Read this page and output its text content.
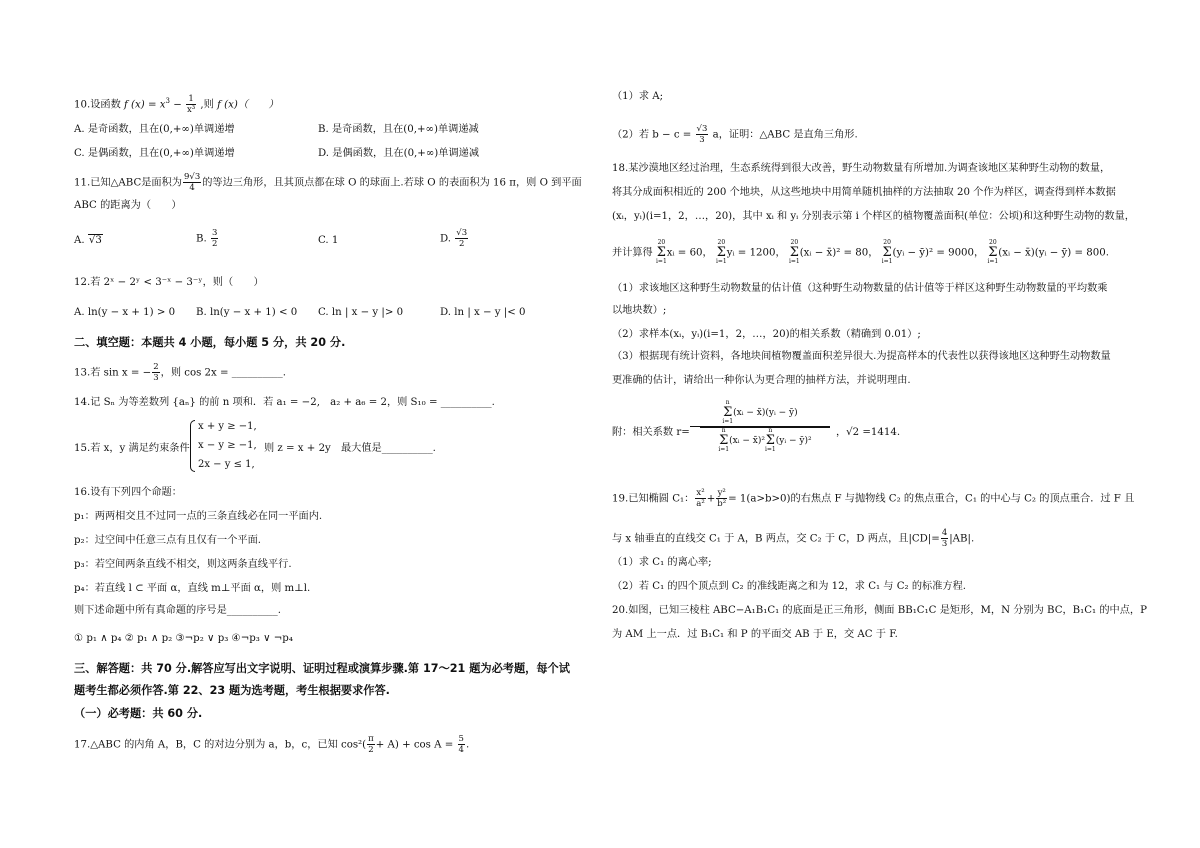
10.设函数 f $(x) = x^3 - \frac{1}{\text{x³}}$ ,则 f (x)（　　）
A. 是奇函数，且在(0,+∞)单调递增	B. 是奇函数，且在(0,+∞)单调递减
C. 是偶函数，且在(0,+∞)单调递增	D. 是偶函数，且在(0,+∞)单调递减
11.已知△ABC是面积为 $\frac{9√3}{4}$ 的等边三角形，且其顶点都在球 O 的球面上.若球 O 的表面积为 16 π，则 O 到平面
ABC 的距离为（　　）
A. √3	B. $\frac{3}{2}$	C. 1	D. $\frac{√3}{2}$
12.若 2ˣ − 2ʸ < 3⁻ˣ − 3⁻ʸ，则（　　）
A. ln(y − x + 1) > 0 B. ln(y − x + 1) < 0 C. ln | x − y |> 0	D. ln | x − y |< 0
二、填空题：本题共 4 小题，每小题 5 分，共 20 分.
13.若 sin x = − $\frac{2}{3}$ ，则 cos 2x = __________.
14.记 Sₙ 为等差数列 {aₙ} 的前 n 项和．若 a₁ = −2,　a₂ + a₆ = 2，则 S₁₀ = __________.
15.若 x，y 满足约束条件
x + y ≥ −1,
x − y ≥ −1,
2x − y ≤ 1,
则 z = x + 2y　最大值是__________.
16.设有下列四个命题：
p₁：两两相交且不过同一点的三条直线必在同一平面内.
p₂：过空间中任意三点有且仅有一个平面.
p₃：若空间两条直线不相交，则这两条直线平行.
p₄：若直线 l ⊂ 平面 α，直线 m⊥平面 α，则 m⊥l.
则下述命题中所有真命题的序号是__________.
① p₁ ∧ p₄ ② p₁ ∧ p₂ ③¬p₂ ∨ p₃ ④¬p₃ ∨ ¬p₄
三、解答题：共 70 分.解答应写出文字说明、证明过程或演算步骤.第 17～21 题为必考题，每个试
题考生都必须作答.第 22、23 题为选考题，考生根据要求作答.
（一）必考题：共 60 分.
17.△ABC 的内角 A，B，C 的对边分别为 a，b，c，已知 $\cos^2( \frac{\pi}{2} + A) + \cos A = \frac{5}{4}$ .
（1）求 A;
（2）若 $b - c = \frac{√3}{3}$ a，证明：△ABC 是直角三角形.
18.某沙漠地区经过治理，生态系统得到很大改善，野生动物数量有所增加.为调查该地区某种野生动物的数量，
将其分成面积相近的 200 个地块，从这些地块中用简单随机抽样的方法抽取 20 个作为样区，调查得到样本数据
(xᵢ，yᵢ)(i=1，2，…，20)，其中 xᵢ 和 yᵢ 分别表示第 i 个样区的植物覆盖面积(单位：公顷)和这种野生动物的数量，
并计算得 20
Σ
i=1xᵢ = 60， 20
Σ
i=1yᵢ = 1200， 20
Σ
i=1(xᵢ − x̄)² = 80， 20
Σ
i=1(yᵢ − ȳ)² = 9000， 20
Σ
i=1(xᵢ − x̄)(yᵢ − ȳ) = 800.
（1）求该地区这种野生动物数量的估计值（这种野生动物数量的估计值等于样区这种野生动物数量的平均数乘
以地块数）;
（2）求样本(xᵢ，yᵢ)(i=1，2，…，20)的相关系数（精确到 0.01）;
（3）根据现有统计资料，各地块间植物覆盖面积差异很大.为提高样本的代表性以获得该地区这种野生动物数量
更准确的估计，请给出一种你认为更合理的抽样方法，并说明理由.
附：相关系数 r=
n
Σ
i=1(xᵢ − x̄)(yᵢ − ȳ)
n
Σ
i=1(xᵢ − x̄)²n
Σ
i=1(yᵢ − ȳ)²
，√2 =1414.
19.已知椭圆 C₁： $\frac{\text{x²}}{\text{a²}} + \frac{\text{y²}}{\text{b²}} = 1(a>b>0)$的右焦点 F 与抛物线 C₂ 的焦点重合，C₁ 的中心与 C₂ 的顶点重合．过 F 且
与 x 轴垂直的直线交 C₁ 于 A，B 两点，交 C₂ 于 C，D 两点，且$|CD|= \frac{4}{3} |AB|$.
（1）求 C₁ 的离心率;
（2）若 C₁ 的四个顶点到 C₂ 的准线距离之和为 12，求 C₁ 与 C₂ 的标准方程.
20.如图，已知三棱柱 ABC−A₁B₁C₁ 的底面是正三角形，侧面 BB₁C₁C 是矩形，M，N 分别为 BC，B₁C₁ 的中点，P
为 AM 上一点．过 B₁C₁ 和 P 的平面交 AB 于 E，交 AC 于 F.
